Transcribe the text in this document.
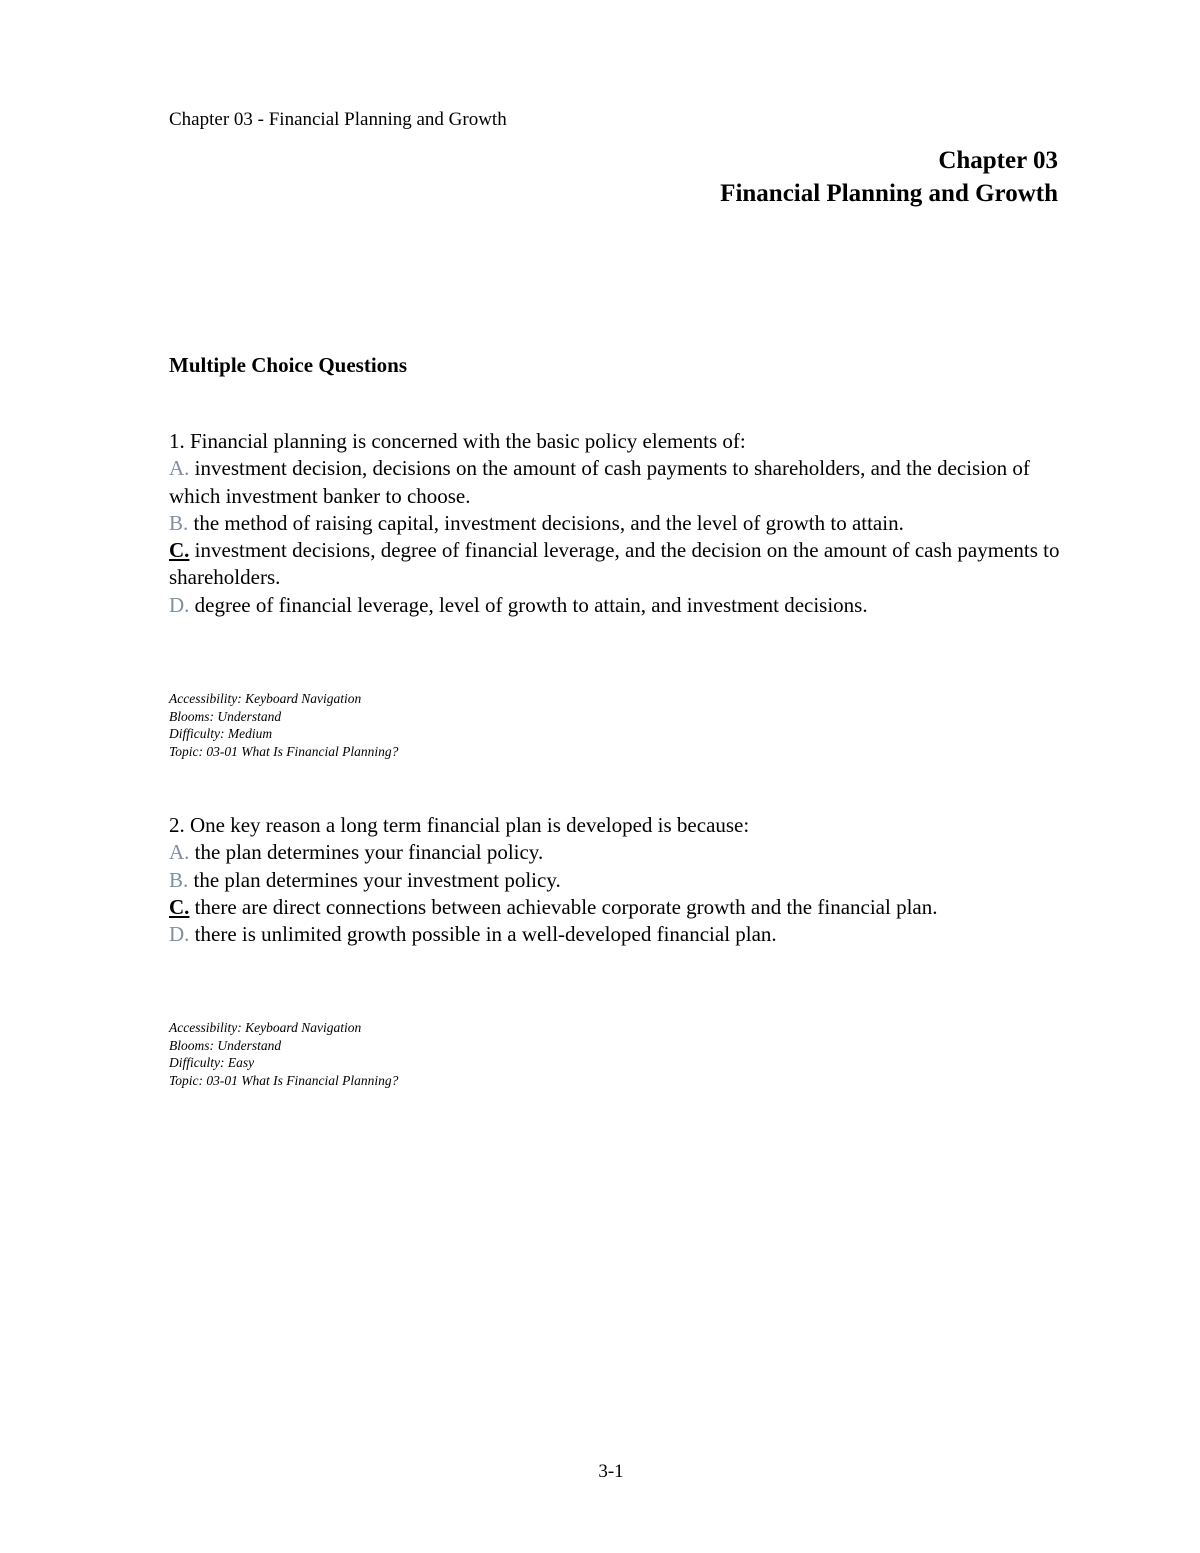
Chapter 03 - Financial Planning and Growth
Chapter 03
Financial Planning and Growth
Multiple Choice Questions

1. Financial planning is concerned with the basic policy elements of:

A. investment decision, decisions on the amount of cash payments to shareholders, and the decision of which investment banker to choose.

B. the method of raising capital, investment decisions, and the level of growth to attain.

C. investment decisions, degree of financial leverage, and the decision on the amount of cash payments to shareholders.

D. degree of financial leverage, level of growth to attain, and investment decisions.

Accessibility: Keyboard Navigation
Blooms: Understand
Difficulty: Medium
Topic: 03-01 What Is Financial Planning?

2. One key reason a long term financial plan is developed is because:

A. the plan determines your financial policy.

B. the plan determines your investment policy.

C. there are direct connections between achievable corporate growth and the financial plan.

D. there is unlimited growth possible in a well-developed financial plan.

Accessibility: Keyboard Navigation
Blooms: Understand
Difficulty: Easy
Topic: 03-01 What Is Financial Planning?
3-1
